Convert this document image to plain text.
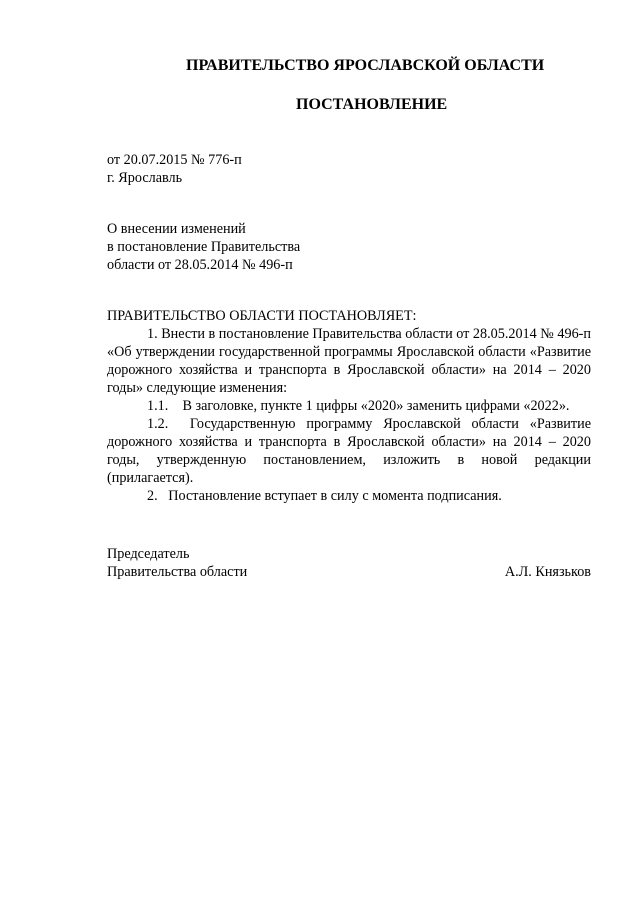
ПРАВИТЕЛЬСТВО ЯРОСЛАВСКОЙ ОБЛАСТИ
ПОСТАНОВЛЕНИЕ
от 20.07.2015 № 776-п
г. Ярославль
О внесении изменений
в постановление Правительства
области от 28.05.2014 № 496-п
ПРАВИТЕЛЬСТВО ОБЛАСТИ ПОСТАНОВЛЯЕТ:

1. Внести в постановление Правительства области от 28.05.2014 № 496-п «Об утверждении государственной программы Ярославской области «Развитие дорожного хозяйства и транспорта в Ярославской области» на 2014 – 2020 годы» следующие изменения:

1.1.    В заголовке, пункте 1 цифры «2020» заменить цифрами «2022».

1.2.  Государственную программу Ярославской области «Развитие дорожного хозяйства и транспорта в Ярославской области» на 2014 – 2020 годы, утвержденную постановлением, изложить в новой редакции (прилагается).

2.   Постановление вступает в силу с момента подписания.

Председатель
Правительства области	А.Л. Князьков
